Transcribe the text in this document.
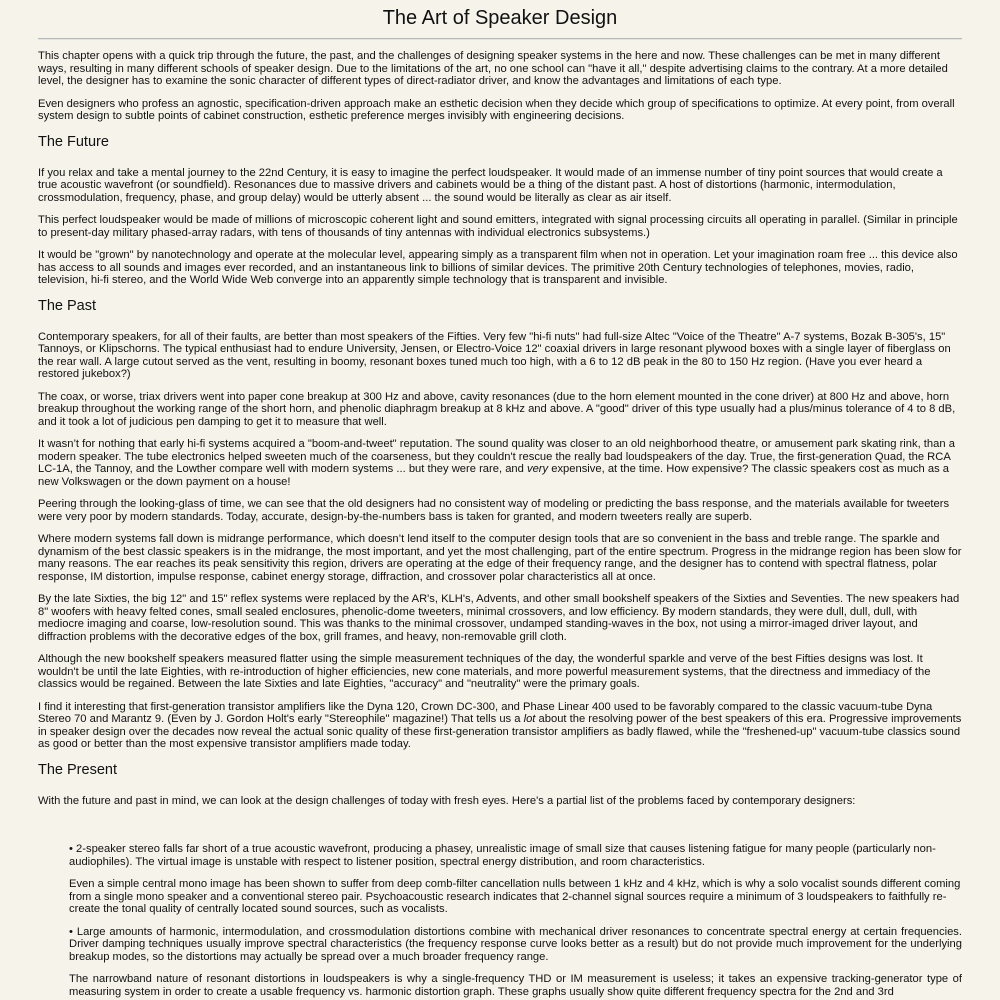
The Art of Speaker Design

This chapter opens with a quick trip through the future, the past, and the challenges of designing speaker systems in the here and now. These challenges can be met in many different ways, resulting in many different schools of speaker design. Due to the limitations of the art, no one school can "have it all," despite advertising claims to the contrary. At a more detailed level, the designer has to examine the sonic character of different types of direct-radiator driver, and know the advantages and limitations of each type.

Even designers who profess an agnostic, specification-driven approach make an esthetic decision when they decide which group of specifications to optimize. At every point, from overall system design to subtle points of cabinet construction, esthetic preference merges invisibly with engineering decisions.

The Future

If you relax and take a mental journey to the 22nd Century, it is easy to imagine the perfect loudspeaker. It would made of an immense number of tiny point sources that would create a true acoustic wavefront (or soundfield). Resonances due to massive drivers and cabinets would be a thing of the distant past. A host of distortions (harmonic, intermodulation, crossmodulation, frequency, phase, and group delay) would be utterly absent ... the sound would be literally as clear as air itself.

This perfect loudspeaker would be made of millions of microscopic coherent light and sound emitters, integrated with signal processing circuits all operating in parallel. (Similar in principle to present-day military phased-array radars, with tens of thousands of tiny antennas with individual electronics subsystems.)

It would be "grown" by nanotechnology and operate at the molecular level, appearing simply as a transparent film when not in operation. Let your imagination roam free ... this device also has access to all sounds and images ever recorded, and an instantaneous link to billions of similar devices. The primitive 20th Century technologies of telephones, movies, radio, television, hi-fi stereo, and the World Wide Web converge into an apparently simple technology that is transparent and invisible.

The Past

Contemporary speakers, for all of their faults, are better than most speakers of the Fifties. Very few "hi-fi nuts" had full-size Altec "Voice of the Theatre" A-7 systems, Bozak B-305's, 15" Tannoys, or Klipschorns. The typical enthusiast had to endure University, Jensen, or Electro-Voice 12" coaxial drivers in large resonant plywood boxes with a single layer of fiberglass on the rear wall. A large cutout served as the vent, resulting in boomy, resonant boxes tuned much too high, with a 6 to 12 dB peak in the 80 to 150 Hz region. (Have you ever heard a restored jukebox?)

The coax, or worse, triax drivers went into paper cone breakup at 300 Hz and above, cavity resonances (due to the horn element mounted in the cone driver) at 800 Hz and above, horn breakup throughout the working range of the short horn, and phenolic diaphragm breakup at 8 kHz and above. A "good" driver of this type usually had a plus/minus tolerance of 4 to 8 dB, and it took a lot of judicious pen damping to get it to measure that well.

It wasn’t for nothing that early hi-fi systems acquired a "boom-and-tweet" reputation. The sound quality was closer to an old neighborhood theatre, or amusement park skating rink, than a modern speaker. The tube electronics helped sweeten much of the coarseness, but they couldn't rescue the really bad loudspeakers of the day. True, the first-generation Quad, the RCA LC-1A, the Tannoy, and the Lowther compare well with modern systems ... but they were rare, and very expensive, at the time. How expensive? The classic speakers cost as much as a new Volkswagen or the down payment on a house!

Peering through the looking-glass of time, we can see that the old designers had no consistent way of modeling or predicting the bass response, and the materials available for tweeters were very poor by modern standards. Today, accurate, design-by-the-numbers bass is taken for granted, and modern tweeters really are superb.

Where modern systems fall down is midrange performance, which doesn’t lend itself to the computer design tools that are so convenient in the bass and treble range. The sparkle and dynamism of the best classic speakers is in the midrange, the most important, and yet the most challenging, part of the entire spectrum. Progress in the midrange region has been slow for many reasons. The ear reaches its peak sensitivity this region, drivers are operating at the edge of their frequency range, and the designer has to contend with spectral flatness, polar response, IM distortion, impulse response, cabinet energy storage, diffraction, and crossover polar characteristics all at once.

By the late Sixties, the big 12" and 15" reflex systems were replaced by the AR's, KLH's, Advents, and other small bookshelf speakers of the Sixties and Seventies. The new speakers had 8" woofers with heavy felted cones, small sealed enclosures, phenolic-dome tweeters, minimal crossovers, and low efficiency. By modern standards, they were dull, dull, dull, with mediocre imaging and coarse, low-resolution sound. This was thanks to the minimal crossover, undamped standing-waves in the box, not using a mirror-imaged driver layout, and diffraction problems with the decorative edges of the box, grill frames, and heavy, non-removable grill cloth.

Although the new bookshelf speakers measured flatter using the simple measurement techniques of the day, the wonderful sparkle and verve of the best Fifties designs was lost. It wouldn't be until the late Eighties, with re-introduction of higher efficiencies, new cone materials, and more powerful measurement systems, that the directness and immediacy of the classics would be regained. Between the late Sixties and late Eighties, "accuracy" and "neutrality" were the primary goals.

I find it interesting that first-generation transistor amplifiers like the Dyna 120, Crown DC-300, and Phase Linear 400 used to be favorably compared to the classic vacuum-tube Dyna Stereo 70 and Marantz 9. (Even by J. Gordon Holt's early "Stereophile" magazine!) That tells us a lot about the resolving power of the best speakers of this era. Progressive improvements in speaker design over the decades now reveal the actual sonic quality of these first-generation transistor amplifiers as badly flawed, while the "freshened-up" vacuum-tube classics sound as good or better than the most expensive transistor amplifiers made today.

The Present

With the future and past in mind, we can look at the design challenges of today with fresh eyes. Here's a partial list of the problems faced by contemporary designers:

• 2-speaker stereo falls far short of a true acoustic wavefront, producing a phasey, unrealistic image of small size that causes listening fatigue for many people (particularly non-audiophiles). The virtual image is unstable with respect to listener position, spectral energy distribution, and room characteristics.

Even a simple central mono image has been shown to suffer from deep comb-filter cancellation nulls between 1 kHz and 4 kHz, which is why a solo vocalist sounds different coming from a single mono speaker and a conventional stereo pair. Psychoacoustic research indicates that 2-channel signal sources require a minimum of 3 loudspeakers to faithfully re-create the tonal quality of centrally located sound sources, such as vocalists.

• Large amounts of harmonic, intermodulation, and crossmodulation distortions combine with mechanical driver resonances to concentrate spectral energy at certain frequencies. Driver damping techniques usually improve spectral characteristics (the frequency response curve looks better as a result) but do not provide much improvement for the underlying breakup modes, so the distortions may actually be spread over a much broader frequency range.

The narrowband nature of resonant distortions in loudspeakers is why a single-frequency THD or IM measurement is useless; it takes an expensive tracking-generator type of measuring system in order to create a usable frequency vs. harmonic distortion graph. These graphs usually show quite different frequency spectra for the 2nd and 3rd
